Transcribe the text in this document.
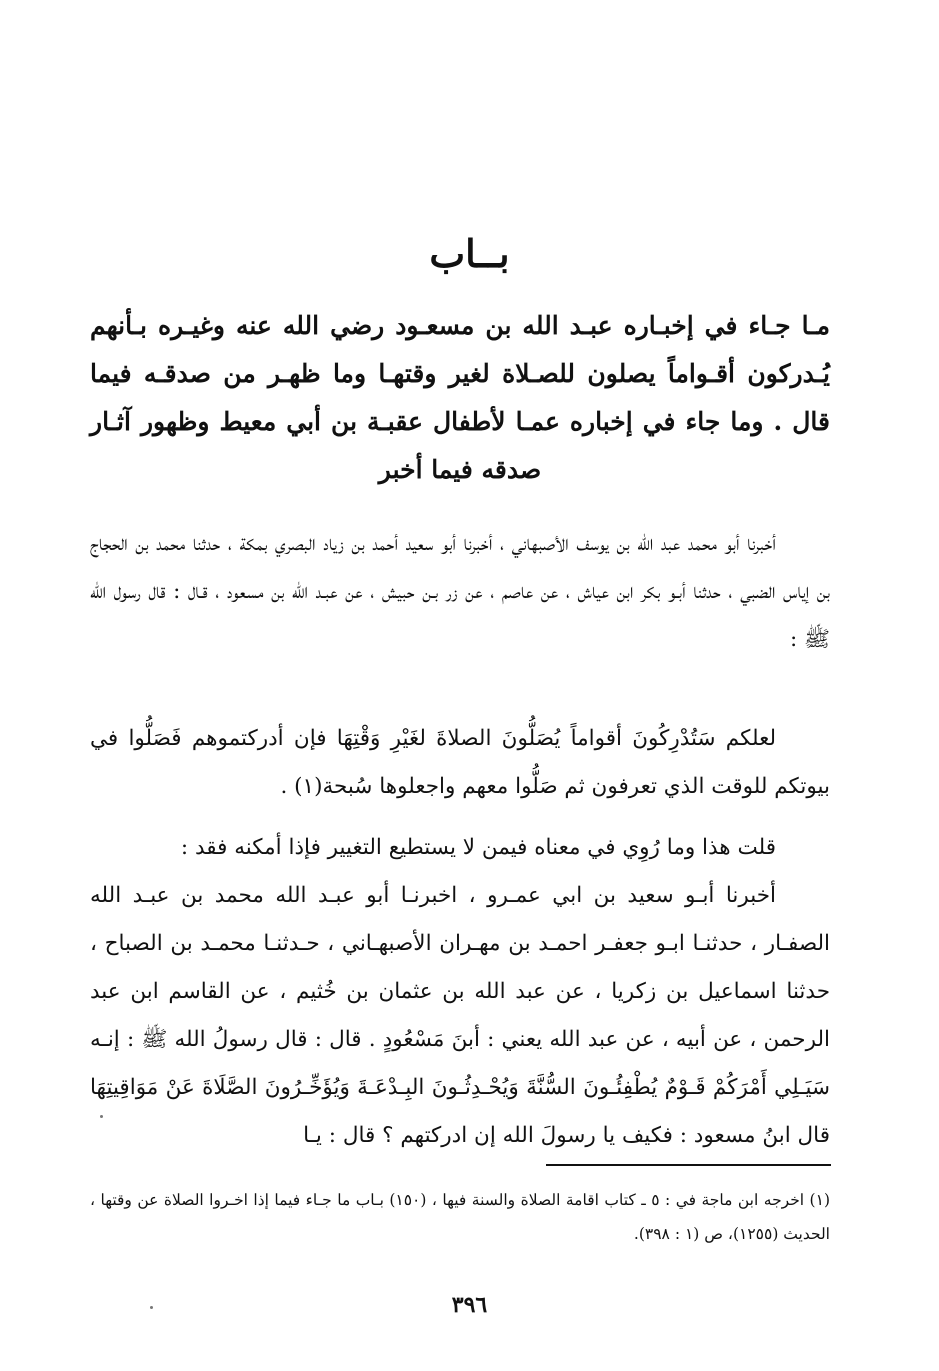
بــاب
مـا جـاء في إخبـاره عبـد الله بن مسعـود رضي الله عنه وغيـره بـأنهم يُـدركون أقـواماً يصلون للصـلاة لغير وقتهـا وما ظهـر من صدقـه فيما قال . وما جاء في إخباره عمـا لأطفال عقبـة بن أبي معيط وظهور آثـار صدقه فيما أخبر

أخبرنا أبو محمد عبد الله بن يوسف الأصبهاني ، أخبرنا أبو سعيد أحمد بن زياد البصري بمكة ، حدثنا محمد بن الحجاج بن إياس الضبي ، حدثنا أبـو بكر ابن عياش ، عن عاصم ، عن زر بـن حبيش ، عن عبـد الله بن مسعود ، قـال : قال رسول الله ﷺ :

لعلكم سَتُدْرِكُونَ أقواماً يُصَلُّونَ الصلاةَ لغَيْرِ وَقْتِهَا فإن أدركتموهم فَصَلُّوا في بيوتكم للوقت الذي تعرفون ثم صَلُّوا معهم واجعلوها سُبحة(١) .

قلت هذا وما رُوِي في معناه فيمن لا يستطيع التغيير فإذا أمكنه فقد :

أخبرنا أبـو سعيد بن ابي عمـرو ، اخبرنـا أبو عبـد الله محمد بن عبـد الله الصفـار ، حدثنـا ابـو جعفـر احمـد بن مهـران الأصبهـاني ، حـدثنـا محمـد بن الصباح ، حدثنا اسماعيل بن زكريا ، عن عبد الله بن عثمان بن خُثيم ، عن القاسم ابن عبد الرحمن ، عن أبيه ، عن عبد الله يعني : أبنَ مَسْعُودٍ . قال : قال رسولُ الله ﷺ : إنـه سَيَـلِي أَمْرَكُمْ قَـوْمٌ يُطْفِئُـونَ السُّنَّةَ وَيُحْـدِثُـونَ البِـدْعَـةَ وَيُؤَخِّـرُونَ الصَّلَاةَ عَنْ مَوَاقِيتِهَا قال ابنُ مسعود : فكيف يا رسولَ الله إن ادركتهم ؟ قال : يـا

(١) اخرجه ابن ماجة في : ٥ ـ كتاب اقامة الصلاة والسنة فيها ، (١٥٠) بـاب ما جـاء فيما إذا اخـروا الصلاة عن وقتها ، الحديث (١٢٥٥)، ص (١ : ٣٩٨).

٣٩٦
